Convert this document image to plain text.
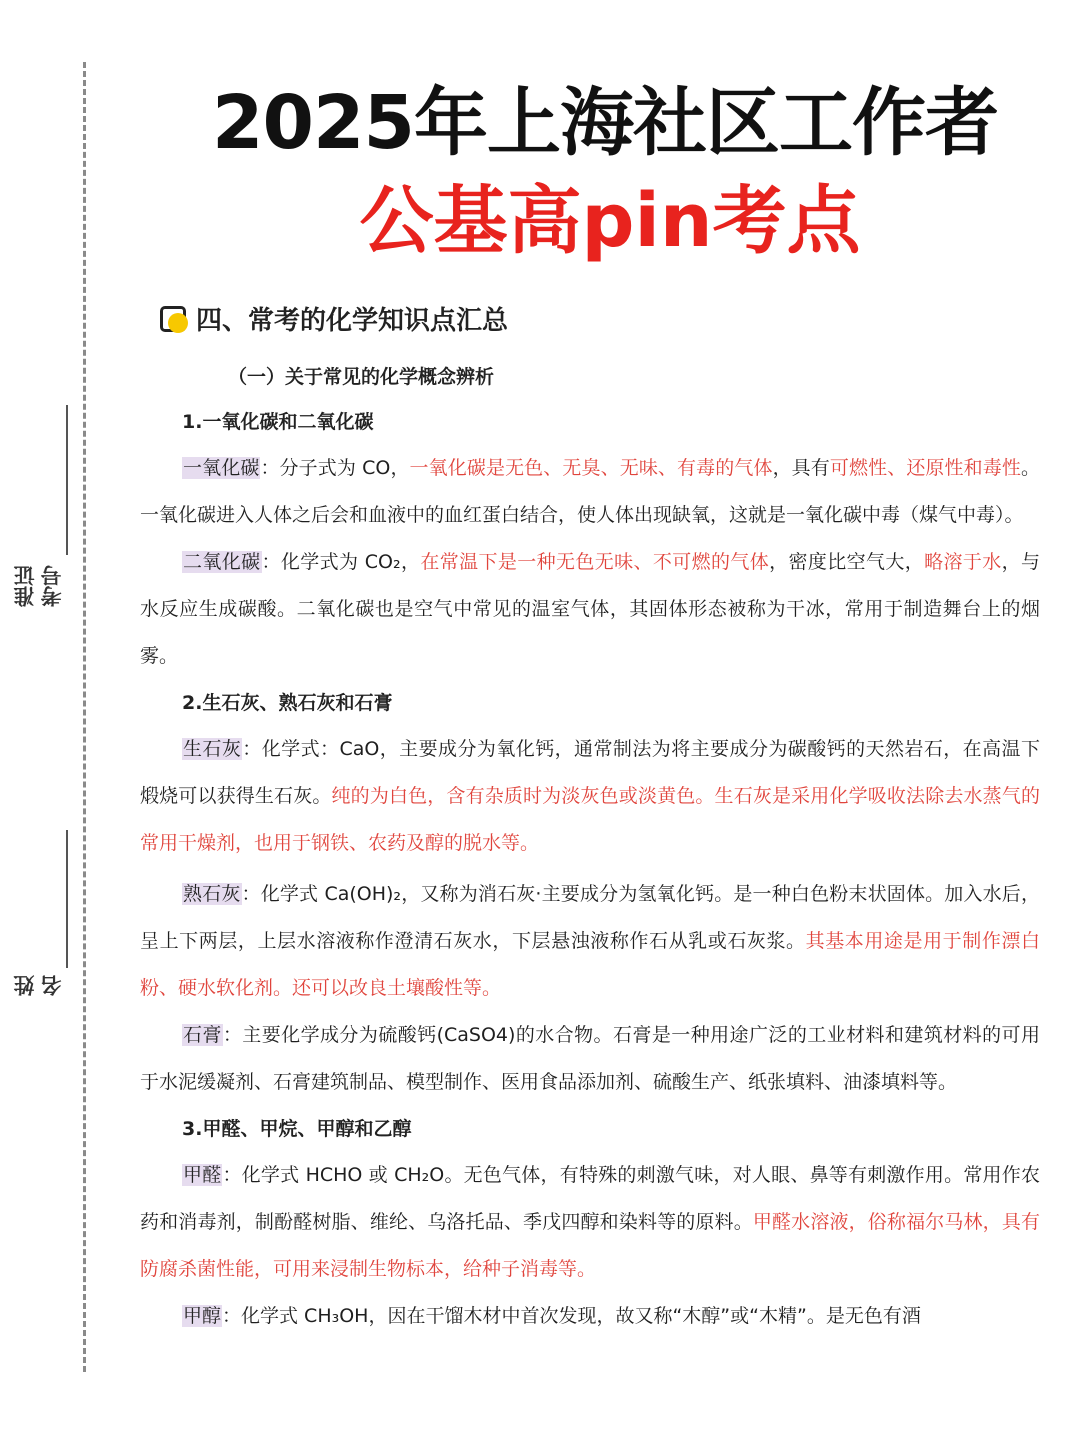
准证 考号
姓 名
2025年上海社区工作者
公基高pin考点
四、常考的化学知识点汇总
（一）关于常见的化学概念辨析
1.一氧化碳和二氧化碳

一氧化碳：分子式为 CO，一氧化碳是无色、无臭、无味、有毒的气体，具有可燃性、还原性和毒性。一氧化碳进入人体之后会和血液中的血红蛋白结合，使人体出现缺氧，这就是一氧化碳中毒（煤气中毒）。

二氧化碳：化学式为 CO₂，在常温下是一种无色无味、不可燃的气体，密度比空气大，略溶于水，与水反应生成碳酸。二氧化碳也是空气中常见的温室气体，其固体形态被称为干冰，常用于制造舞台上的烟雾。

2.生石灰、熟石灰和石膏

生石灰：化学式：CaO，主要成分为氧化钙，通常制法为将主要成分为碳酸钙的天然岩石，在高温下煅烧可以获得生石灰。纯的为白色，含有杂质时为淡灰色或淡黄色。生石灰是采用化学吸收法除去水蒸气的常用干燥剂，也用于钢铁、农药及醇的脱水等。

熟石灰：化学式 Ca(OH)₂，又称为消石灰·主要成分为氢氧化钙。是一种白色粉末状固体。加入水后，呈上下两层，上层水溶液称作澄清石灰水，下层悬浊液称作石从乳或石灰浆。其基本用途是用于制作漂白粉、硬水软化剂。还可以改良土壤酸性等。

石膏：主要化学成分为硫酸钙(CaSO4)的水合物。石膏是一种用途广泛的工业材料和建筑材料的可用于水泥缓凝剂、石膏建筑制品、模型制作、医用食品添加剂、硫酸生产、纸张填料、油漆填料等。

3.甲醛、甲烷、甲醇和乙醇

甲醛：化学式 HCHO 或 CH₂O。无色气体，有特殊的刺激气味，对人眼、鼻等有刺激作用。常用作农药和消毒剂，制酚醛树脂、维纶、乌洛托品、季戊四醇和染料等的原料。甲醛水溶液，俗称福尔马林，具有防腐杀菌性能，可用来浸制生物标本，给种子消毒等。

甲醇：化学式 CH₃OH，因在干馏木材中首次发现，故又称“木醇”或“木精”。是无色有酒
